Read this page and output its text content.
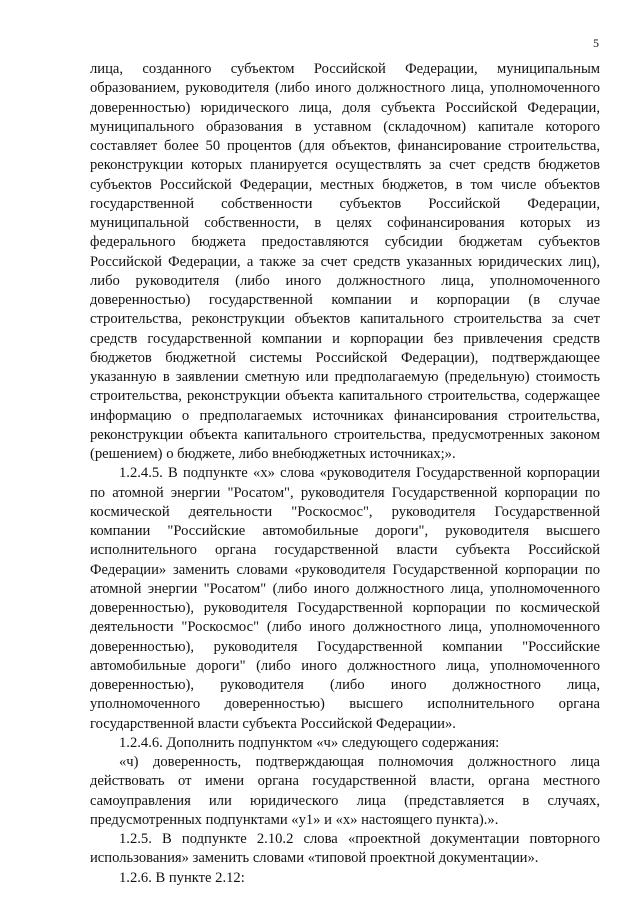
5

лица, созданного субъектом Российской Федерации, муниципальным образованием, руководителя (либо иного должностного лица, уполномоченного доверенностью) юридического лица, доля субъекта Российской Федерации, муниципального образования в уставном (складочном) капитале которого составляет более 50 процентов (для объектов, финансирование строительства, реконструкции которых планируется осуществлять за счет средств бюджетов субъектов Российской Федерации, местных бюджетов, в том числе объектов государственной собственности субъектов Российской Федерации, муниципальной собственности, в целях софинансирования которых из федерального бюджета предоставляются субсидии бюджетам субъектов Российской Федерации, а также за счет средств указанных юридических лиц), либо руководителя (либо иного должностного лица, уполномоченного доверенностью) государственной компании и корпорации (в случае строительства, реконструкции объектов капитального строительства за счет средств государственной компании и корпорации без привлечения средств бюджетов бюджетной системы Российской Федерации), подтверждающее указанную в заявлении сметную или предполагаемую (предельную) стоимость строительства, реконструкции объекта капитального строительства, содержащее информацию о предполагаемых источниках финансирования строительства, реконструкции объекта капитального строительства, предусмотренных законом (решением) о бюджете, либо внебюджетных источниках;».

1.2.4.5. В подпункте «х» слова «руководителя Государственной корпорации по атомной энергии "Росатом", руководителя Государственной корпорации по космической деятельности "Роскосмос", руководителя Государственной компании "Российские автомобильные дороги", руководителя высшего исполнительного органа государственной власти субъекта Российской Федерации» заменить словами «руководителя Государственной корпорации по атомной энергии "Росатом" (либо иного должностного лица, уполномоченного доверенностью), руководителя Государственной корпорации по космической деятельности "Роскосмос" (либо иного должностного лица, уполномоченного доверенностью), руководителя Государственной компании "Российские автомобильные дороги" (либо иного должностного лица, уполномоченного доверенностью), руководителя (либо иного должностного лица, уполномоченного доверенностью) высшего исполнительного органа государственной власти субъекта Российской Федерации».

1.2.4.6. Дополнить подпунктом «ч» следующего содержания:

«ч) доверенность, подтверждающая полномочия должностного лица действовать от имени органа государственной власти, органа местного самоуправления или юридического лица (представляется в случаях, предусмотренных подпунктами «у1» и «х» настоящего пункта).».

1.2.5. В подпункте 2.10.2 слова «проектной документации повторного использования» заменить словами «типовой проектной документации».

1.2.6. В пункте 2.12:
